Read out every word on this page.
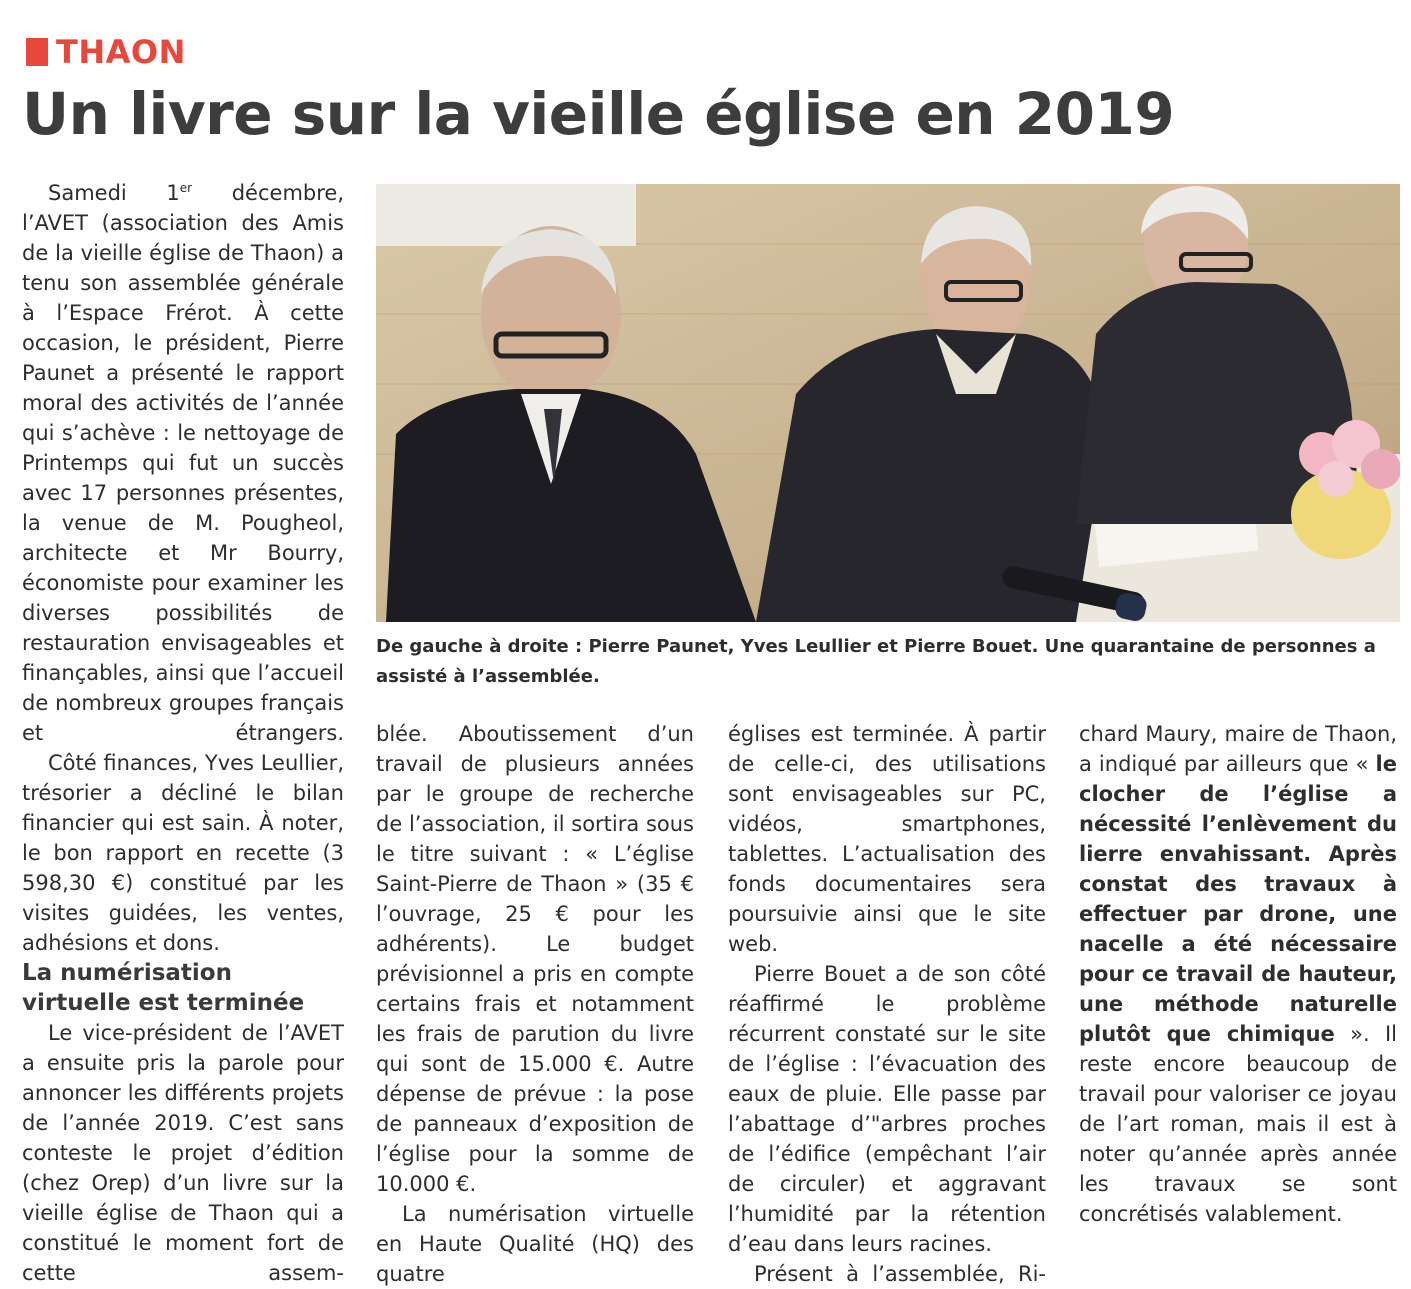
THAON
Un livre sur la vieille église en 2019

Samedi 1er décembre, l’AVET (association des Amis de la vieille église de Thaon) a tenu son assemblée générale à l’Espace Frérot. À cette occasion, le président, Pierre Paunet a présenté le rapport moral des activités de l’année qui s’achève : le nettoyage de Printemps qui fut un succès avec 17 personnes présentes, la venue de M. Pougheol, architecte et Mr Bourry, économiste pour examiner les diverses possibilités de restauration envisageables et finançables, ainsi que l’accueil de nombreux groupes français et étrangers.

Côté finances, Yves Leullier, trésorier a décliné le bilan financier qui est sain. À noter, le bon rapport en recette (3 598,30 €) constitué par les visites guidées, les ventes, adhésions et dons.

La numérisation virtuelle est terminée

Le vice-président de l’AVET a ensuite pris la parole pour annoncer les différents projets de l’année 2019. C’est sans conteste le projet d’édition (chez Orep) d’un livre sur la vieille église de Thaon qui a constitué le moment fort de cette assem-

De gauche à droite : Pierre Paunet, Yves Leullier et Pierre Bouet. Une quarantaine de personnes a assisté à l’assemblée.

blée. Aboutissement d’un travail de plusieurs années par le groupe de recherche de l’association, il sortira sous le titre suivant : « L’église Saint-Pierre de Thaon » (35 € l’ouvrage, 25 € pour les adhérents). Le budget prévisionnel a pris en compte certains frais et notamment les frais de parution du livre qui sont de 15.000 €. Autre dépense de prévue : la pose de panneaux d’exposition de l’église pour la somme de 10.000 €.

La numérisation virtuelle en Haute Qualité (HQ) des quatre

églises est terminée. À partir de celle-ci, des utilisations sont envisageables sur PC, vidéos, smartphones, tablettes. L’actualisation des fonds documentaires sera poursuivie ainsi que le site web.

Pierre Bouet a de son côté réaffirmé le problème récurrent constaté sur le site de l’église : l’évacuation des eaux de pluie. Elle passe par l’abattage d’"arbres proches de l’édifice (empêchant l’air de circuler) et aggravant l’humidité par la rétention d’eau dans leurs racines.

Présent à l’assemblée, Ri-

chard Maury, maire de Thaon, a indiqué par ailleurs que « le clocher de l’église a nécessité l’enlèvement du lierre envahissant. Après constat des travaux à effectuer par drone, une nacelle a été nécessaire pour ce travail de hauteur, une méthode naturelle plutôt que chimique ». Il reste encore beaucoup de travail pour valoriser ce joyau de l’art roman, mais il est à noter qu’année après année les travaux se sont concrétisés valablement.
